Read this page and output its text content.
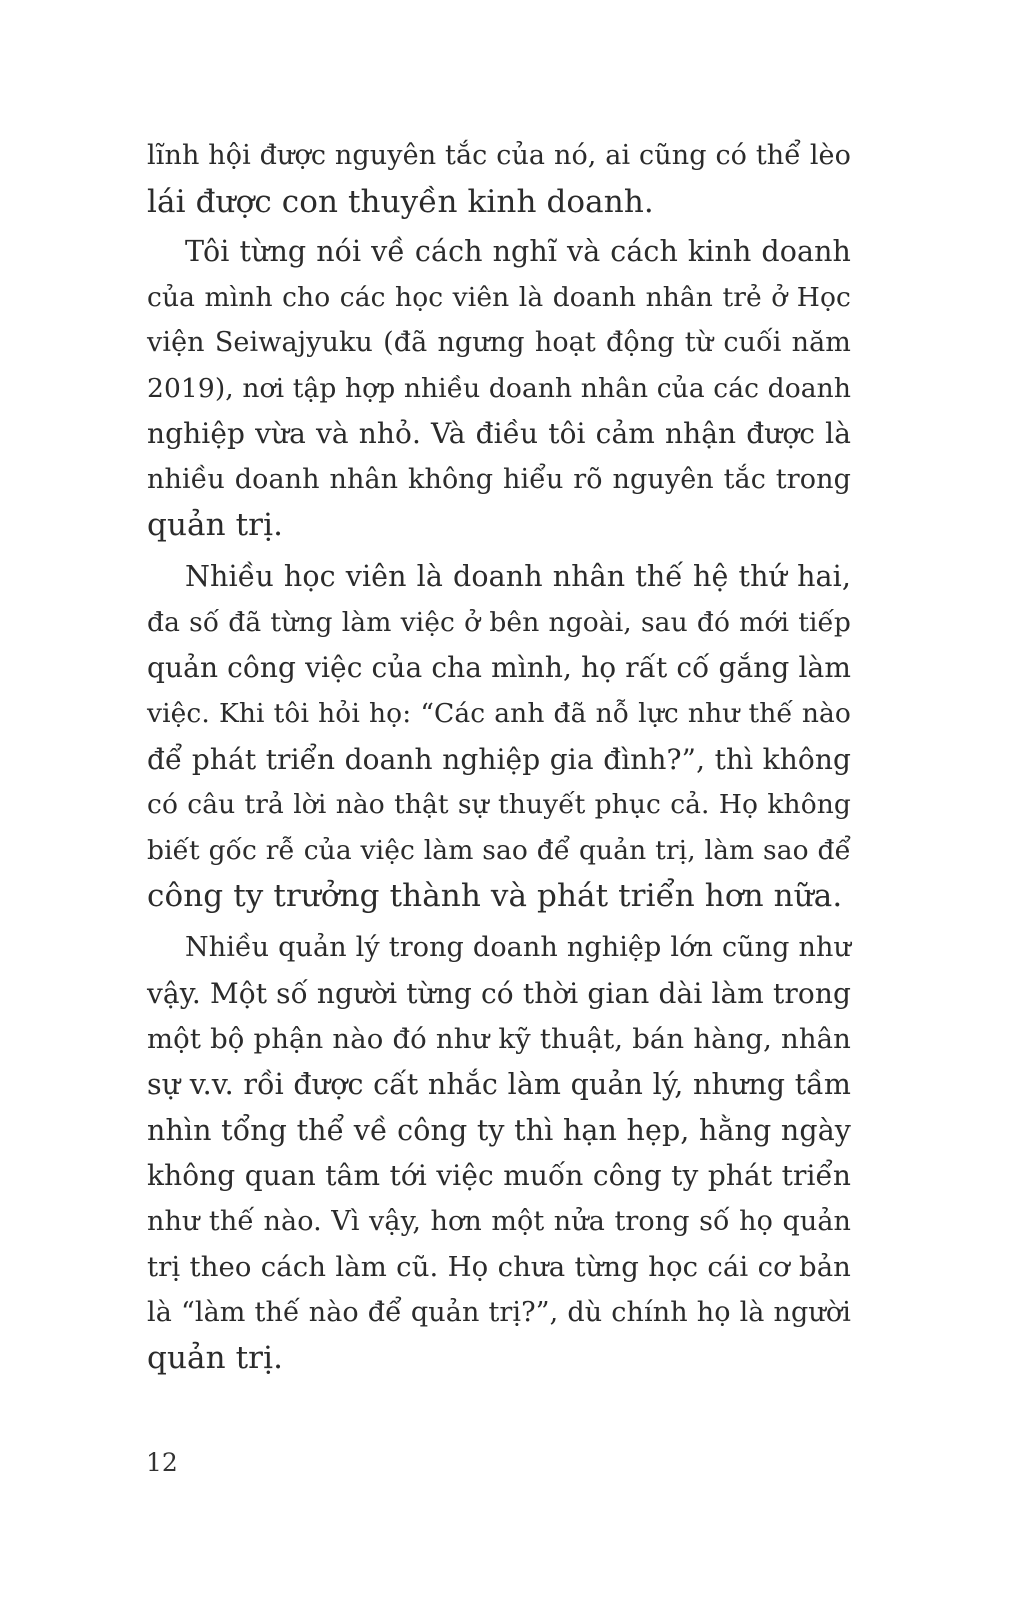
lĩnh hội được nguyên tắc của nó, ai cũng có thể lèo
lái được con thuyền kinh doanh.
Tôi từng nói về cách nghĩ và cách kinh doanh
của mình cho các học viên là doanh nhân trẻ ở Học
viện Seiwajyuku (đã ngưng hoạt động từ cuối năm
2019), nơi tập hợp nhiều doanh nhân của các doanh
nghiệp vừa và nhỏ. Và điều tôi cảm nhận được là
nhiều doanh nhân không hiểu rõ nguyên tắc trong
quản trị.
Nhiều học viên là doanh nhân thế hệ thứ hai,
đa số đã từng làm việc ở bên ngoài, sau đó mới tiếp
quản công việc của cha mình, họ rất cố gắng làm
việc. Khi tôi hỏi họ: “Các anh đã nỗ lực như thế nào
để phát triển doanh nghiệp gia đình?”, thì không
có câu trả lời nào thật sự thuyết phục cả. Họ không
biết gốc rễ của việc làm sao để quản trị, làm sao để
công ty trưởng thành và phát triển hơn nữa.
Nhiều quản lý trong doanh nghiệp lớn cũng như
vậy. Một số người từng có thời gian dài làm trong
một bộ phận nào đó như kỹ thuật, bán hàng, nhân
sự v.v. rồi được cất nhắc làm quản lý, nhưng tầm
nhìn tổng thể về công ty thì hạn hẹp, hằng ngày
không quan tâm tới việc muốn công ty phát triển
như thế nào. Vì vậy, hơn một nửa trong số họ quản
trị theo cách làm cũ. Họ chưa từng học cái cơ bản
là “làm thế nào để quản trị?”, dù chính họ là người
quản trị.
12
